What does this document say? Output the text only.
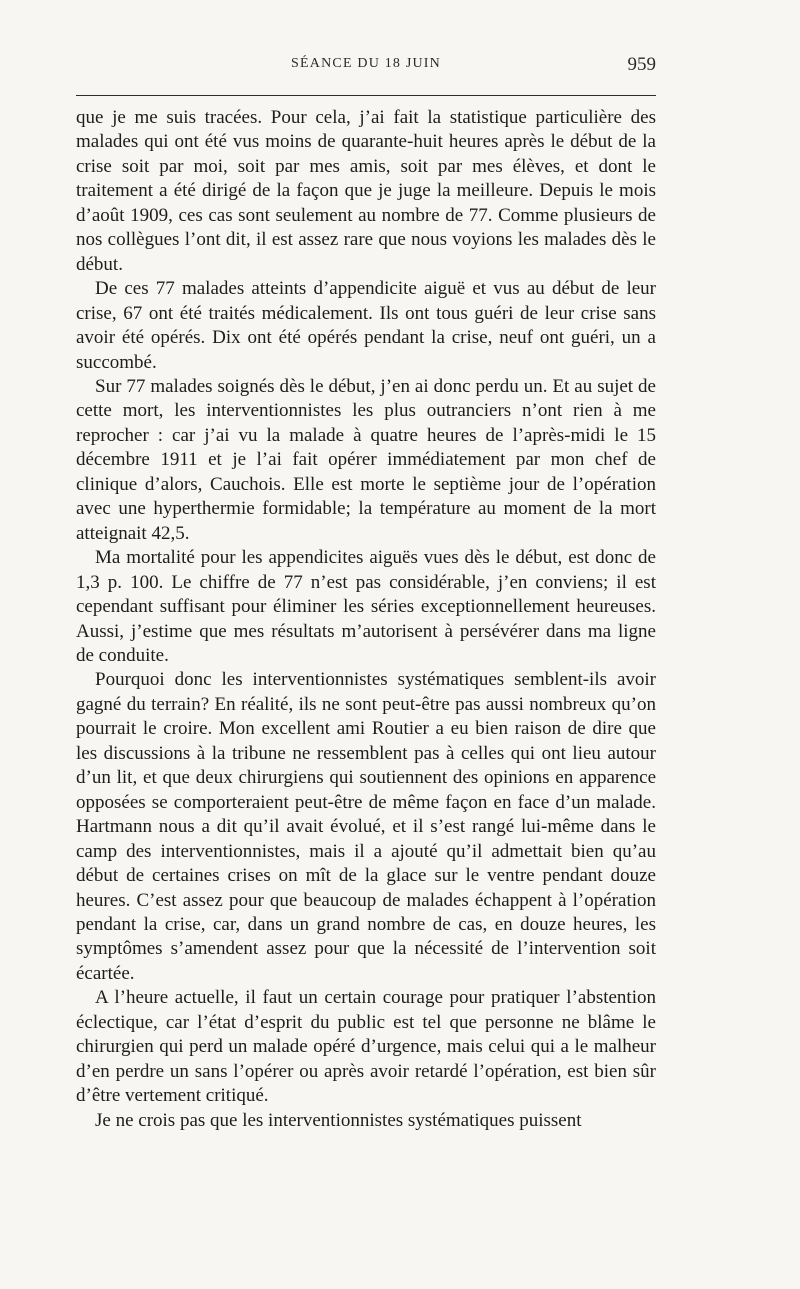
SÉANCE DU 18 JUIN	959

que je me suis tracées. Pour cela, j’ai fait la statistique particulière des malades qui ont été vus moins de quarante-huit heures après le début de la crise soit par moi, soit par mes amis, soit par mes élèves, et dont le traitement a été dirigé de la façon que je juge la meilleure. Depuis le mois d’août 1909, ces cas sont seulement au nombre de 77. Comme plusieurs de nos collègues l’ont dit, il est assez rare que nous voyions les malades dès le début.

De ces 77 malades atteints d’appendicite aiguë et vus au début de leur crise, 67 ont été traités médicalement. Ils ont tous guéri de leur crise sans avoir été opérés. Dix ont été opérés pendant la crise, neuf ont guéri, un a succombé.

Sur 77 malades soignés dès le début, j’en ai donc perdu un. Et au sujet de cette mort, les interventionnistes les plus outranciers n’ont rien à me reprocher : car j’ai vu la malade à quatre heures de l’après-midi le 15 décembre 1911 et je l’ai fait opérer immédiatement par mon chef de clinique d’alors, Cauchois. Elle est morte le septième jour de l’opération avec une hyperthermie formidable; la température au moment de la mort atteignait 42,5.

Ma mortalité pour les appendicites aiguës vues dès le début, est donc de 1,3 p. 100. Le chiffre de 77 n’est pas considérable, j’en conviens; il est cependant suffisant pour éliminer les séries exceptionnellement heureuses. Aussi, j’estime que mes résultats m’autorisent à persévérer dans ma ligne de conduite.

Pourquoi donc les interventionnistes systématiques semblent-ils avoir gagné du terrain? En réalité, ils ne sont peut-être pas aussi nombreux qu’on pourrait le croire. Mon excellent ami Routier a eu bien raison de dire que les discussions à la tribune ne ressemblent pas à celles qui ont lieu autour d’un lit, et que deux chirurgiens qui soutiennent des opinions en apparence opposées se comporteraient peut-être de même façon en face d’un malade. Hartmann nous a dit qu’il avait évolué, et il s’est rangé lui-même dans le camp des interventionnistes, mais il a ajouté qu’il admettait bien qu’au début de certaines crises on mît de la glace sur le ventre pendant douze heures. C’est assez pour que beaucoup de malades échappent à l’opération pendant la crise, car, dans un grand nombre de cas, en douze heures, les symptômes s’amendent assez pour que la nécessité de l’intervention soit écartée.

A l’heure actuelle, il faut un certain courage pour pratiquer l’abstention éclectique, car l’état d’esprit du public est tel que personne ne blâme le chirurgien qui perd un malade opéré d’urgence, mais celui qui a le malheur d’en perdre un sans l’opérer ou après avoir retardé l’opération, est bien sûr d’être vertement critiqué.

Je ne crois pas que les interventionnistes systématiques puissent
